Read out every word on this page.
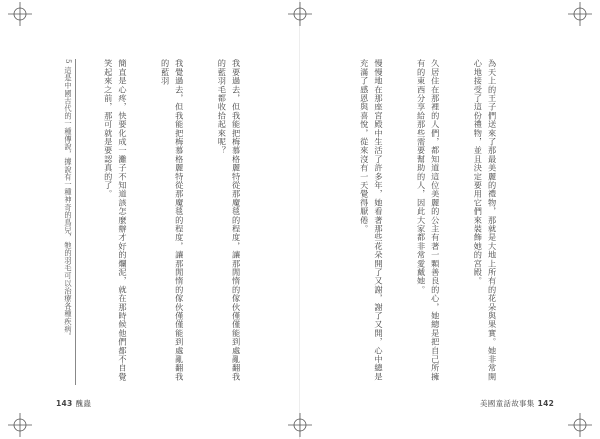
我要過去，但我能把梅慕格麗特從那魔毯的程度，讓那閒惰的傢伙僅僅能到處亂翻我的藍羽毛都收拾起來呢？

我覺過去，但我能把梅慕格麗特從那魔毯的程度，讓那閒惰的傢伙僅僅能到處亂翻我的藍羽

簡直是心疼，快要化成一灘子不知道該怎麼辦才好的爛泥，就在那時候他們都不自覺笑起來之前，那可就是要認真的了。

5 這是中國古代的一種傳說，據說有一種神奇的鳥兒，牠的羽毛可以治療各種疾病。
143 醜蟲

為天上的王子們送來了那最美麗的禮物，那就是大地上所有的花朵與果實。她非常開心地接受了這份禮物，並且決定要用它們來裝飾她的宮殿。

久居住在那裡的人們，都知道這位美麗的公主有著一顆善良的心，她總是把自己所擁有的東西分享給那些需要幫助的人，因此大家都非常愛戴她。

慢慢地在那座宮殿中生活了許多年，她看著那些花朵開了又謝，謝了又開，心中總是充滿了感恩與喜悅，從來沒有一天覺得厭倦。

美國童話故事集 142
